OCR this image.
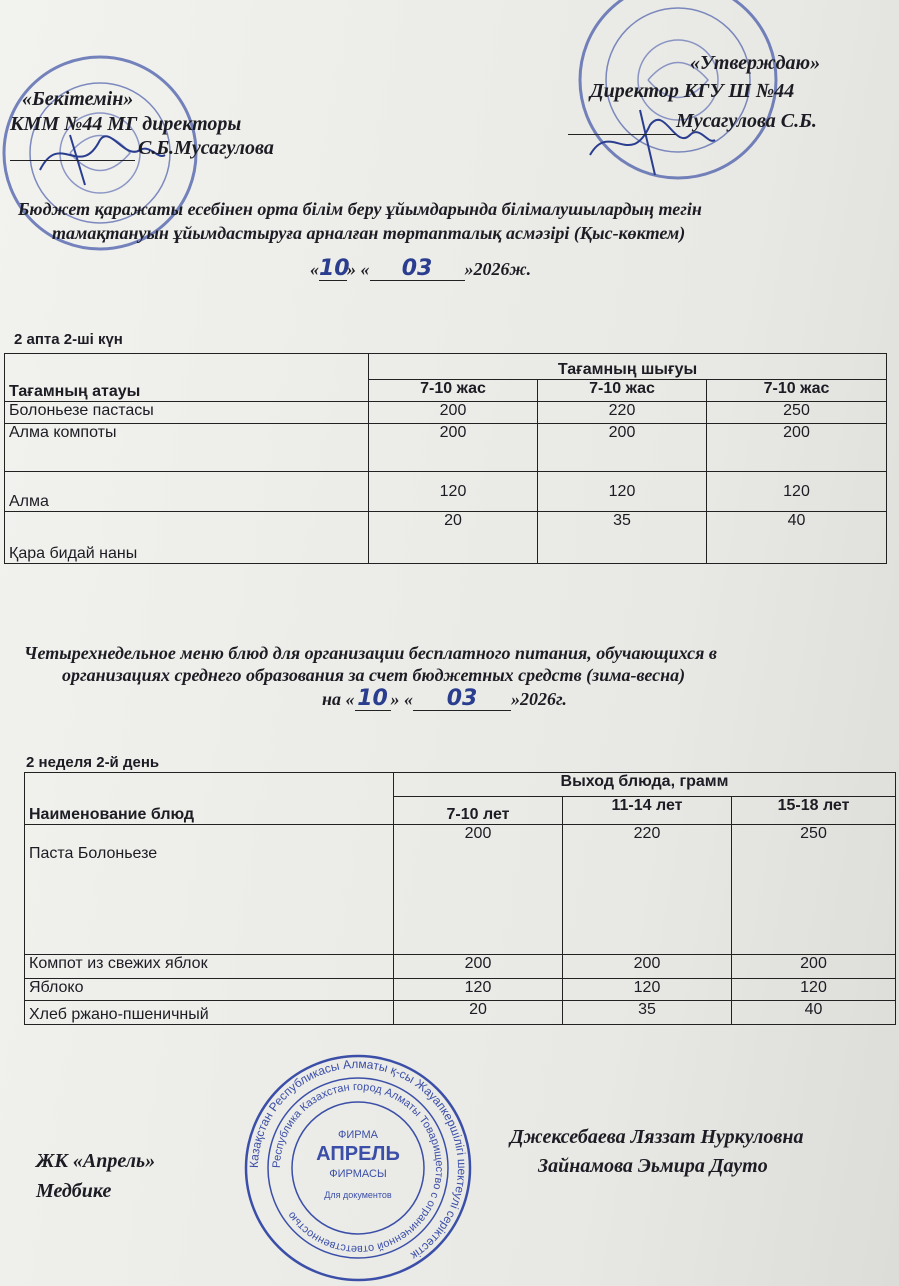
«Бекітемін»
КММ №44 МГ директоры
С.Б.Мусагулова
«Утверждаю»
Директор КГУ Ш №44
Мусагулова С.Б.
Бюджет қаражаты есебінен орта білім беру ұйымдарында білімалушылардың тегін
тамақтануын ұйымдастыруға арналған төртапталық асмәзірі (Қыс-көктем)
«10» « 03 »2026ж.
2 апта 2-ші күн
Тағамның атауы	Тағамның шығуы		
	7-10 жас	7-10 жас	7-10 жас
Болоньезе пастасы	200	220	250
Алма компоты	200	200	200
Алма	120	120	120
Қара бидай наны	20	35	40
Четырехнедельное меню блюд для организации бесплатного питания, обучающихся в
организациях среднего образования за счет бюджетных средств (зима-весна)
на « 10 » « 03 »2026г.
2 неделя 2-й день
Наименование блюд	Выход блюда, грамм		
	7-10 лет	11-14 лет	15-18 лет
Паста Болоньезе	200	220	250
Компот из свежих яблок	200	200	200
Яблоко	120	120	120
Хлеб ржано-пшеничный	20	35	40
Казақстан Республикасы Алматы қ-сы Жауапкершілігі шектеулі серіктестік
Республика Казахстан город Алматы Товарищество с ограниченной ответственностью
ФИРМА
АПРЕЛЬ
ФИРМАСЫ
Для документов
ЖК «Апрель»
Медбике
Джексебаева Ляззат Нуркуловна
Зайнамова Эьмира Даутo
